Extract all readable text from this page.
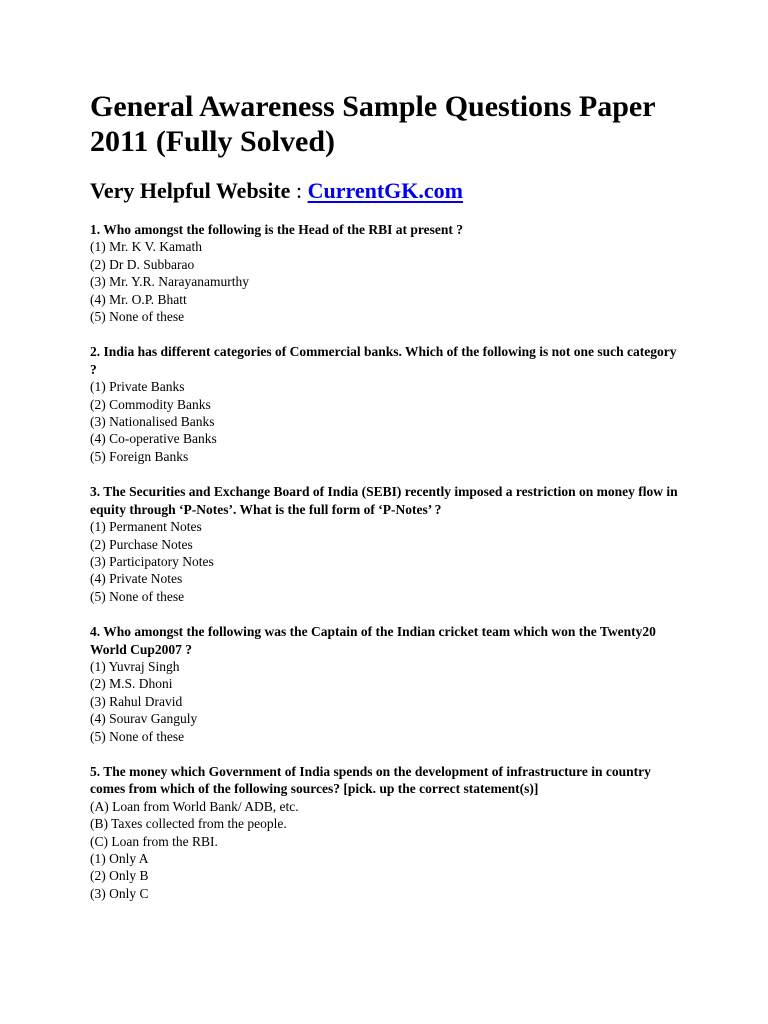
General Awareness Sample Questions Paper 2011 (Fully Solved)
Very Helpful Website : CurrentGK.com
1. Who amongst the following is the Head of the RBI at present ?
(1) Mr. K V. Kamath
(2) Dr D. Subbarao
(3) Mr. Y.R. Narayanamurthy
(4) Mr. O.P. Bhatt
(5) None of these
2. India has different categories of Commercial banks. Which of the following is not one such category ?
(1) Private Banks
(2) Commodity Banks
(3) Nationalised Banks
(4) Co-operative Banks
(5) Foreign Banks
3. The Securities and Exchange Board of India (SEBI) recently imposed a restriction on money flow in equity through ‘P-Notes’. What is the full form of ‘P-Notes’ ?
(1) Permanent Notes
(2) Purchase Notes
(3) Participatory Notes
(4) Private Notes
(5) None of these
4. Who amongst the following was the Captain of the Indian cricket team which won the Twenty20 World Cup2007 ?
(1) Yuvraj Singh
(2) M.S. Dhoni
(3) Rahul Dravid
(4) Sourav Ganguly
(5) None of these
5. The money which Government of India spends on the development of infrastructure in country comes from which of the following sources? [pick. up the correct statement(s)]
(A) Loan from World Bank/ ADB, etc.
(B) Taxes collected from the people.
(C) Loan from the RBI.
(1) Only A
(2) Only B
(3) Only C
